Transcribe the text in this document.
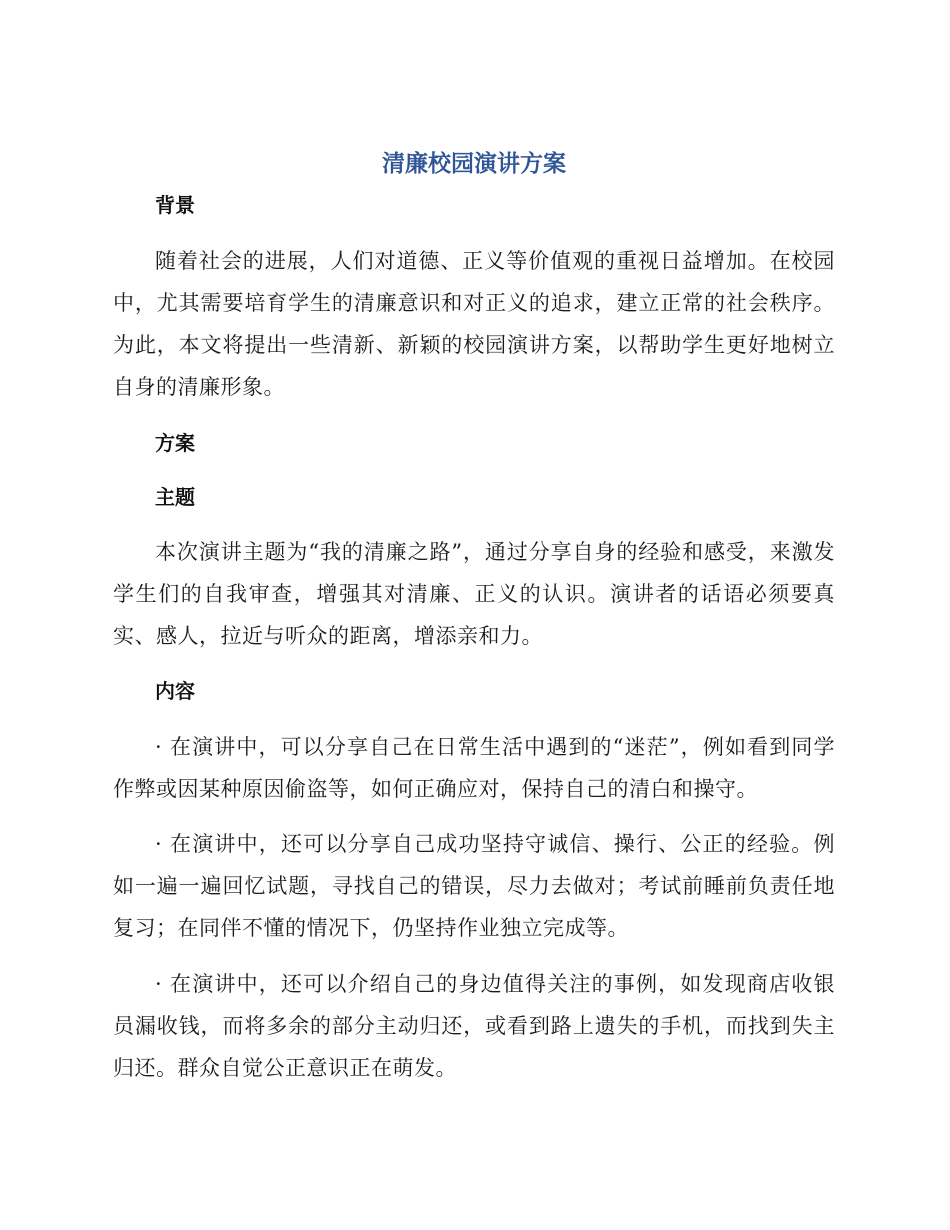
清廉校园演讲方案
背景

随着社会的进展，人们对道德、正义等价值观的重视日益增加。在校园中，尤其需要培育学生的清廉意识和对正义的追求，建立正常的社会秩序。为此，本文将提出一些清新、新颖的校园演讲方案，以帮助学生更好地树立自身的清廉形象。

方案
主题

本次演讲主题为“我的清廉之路”，通过分享自身的经验和感受，来激发学生们的自我审查，增强其对清廉、正义的认识。演讲者的话语必须要真实、感人，拉近与听众的距离，增添亲和力。

内容

· 在演讲中，可以分享自己在日常生活中遇到的“迷茫”，例如看到同学作弊或因某种原因偷盗等，如何正确应对，保持自己的清白和操守。

· 在演讲中，还可以分享自己成功坚持守诚信、操行、公正的经验。例如一遍一遍回忆试题，寻找自己的错误，尽力去做对；考试前睡前负责任地复习；在同伴不懂的情况下，仍坚持作业独立完成等。

· 在演讲中，还可以介绍自己的身边值得关注的事例，如发现商店收银员漏收钱，而将多余的部分主动归还，或看到路上遗失的手机，而找到失主归还。群众自觉公正意识正在萌发。
